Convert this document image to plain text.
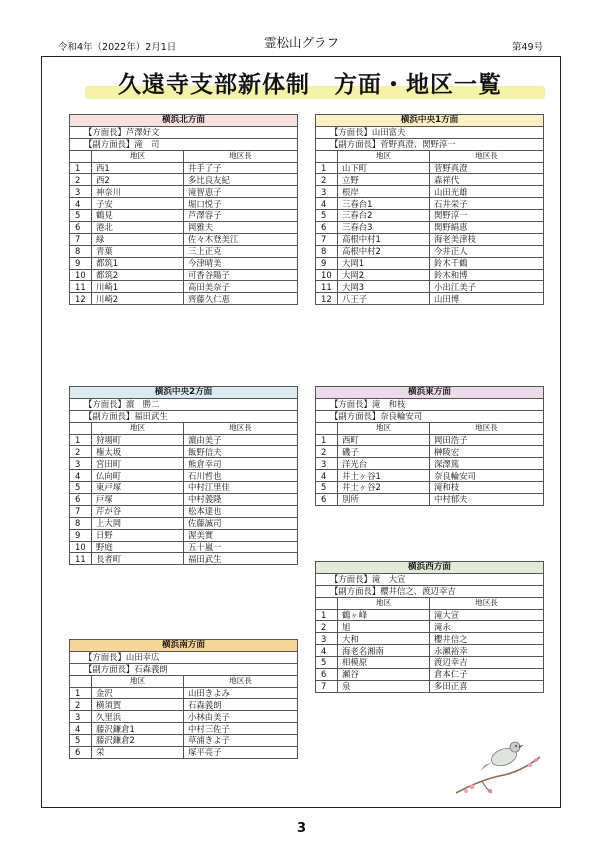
令和4年（2022年）2月1日	霊松山グラフ	第49号
久遠寺支部新体制　方面・地区一覧
横浜北方面		
【方面長】芦澤好文		
【副方面長】滝　司		
	地区	地区長
1	西1	井手了子
2	西2	多比良友紀
3	神奈川	滝智恵子
4	子安	堀口悦子
5	鶴見	芦澤容子
6	港北	岡雅夫
7	緑	佐々木登美江
8	青葉	三上正克
9	都筑1	今津晴美
10	都筑2	可香谷陽子
11	川崎1	高田美奈子
12	川崎2	齊藤久仁恵
横浜中央1方面		
【方面長】山田富夫		
【副方面長】菅野真澄、関野淳一		
	地区	地区長
1	山下町	菅野真澄
2	立野	森祥代
3	根岸	山田光雄
4	三春台1	石井栄子
5	三春台2	関野淳一
6	三春台3	関野絹恵
7	高根中村1	海老美津枝
8	高根中村2	今井正人
9	大岡1	鈴木千鶴
10	大岡2	鈴木和博
11	大岡3	小出江美子
12	八王子	山田博
横浜中央2方面		
【方面長】濵　勝二		
【副方面長】福田武生		
	地区	地区長
1	狩場町	濵由美子
2	権太坂	飯野信夫
3	宮田町	熊倉幸司
4	仏向町	石川哲也
5	東戸塚	中村江里佳
6	戸塚	中村義隆
7	芹が谷	松本達也
8	上大岡	佐藤誠司
9	日野	渥美實
10	野庭	五十嵐一
11	長者町	福田武生
横浜東方面		
【方面長】滝　和枝		
【副方面長】奈良輪安司		
	地区	地区長
1	西町	岡田浩子
2	磯子	榊陵宏
3	洋光台	深澤篤
4	井土ヶ谷1	奈良輪安司
5	井土ヶ谷2	滝和枝
6	別所	中村郁夫
横浜西方面		
【方面長】滝　大宣		
【副方面長】櫻井信之、渡辺幸吉		
	地区	地区長
1	鶴ヶ峰	滝大宣
2	旭	滝永
3	大和	櫻井信之
4	海老名湘南	永瀬裕幸
5	相模原	渡辺幸吉
6	瀬谷	倉本仁子
7	泉	多田正喜
横浜南方面		
【方面長】山田幸広		
【副方面長】石森義朗		
	地区	地区長
1	金沢	山田きよみ
2	横須賀	石森義朗
3	久里浜	小林由美子
4	藤沢鎌倉1	中村三佐子
5	藤沢鎌倉2	草浦きよ子
6	栄	塚平亮子
3
